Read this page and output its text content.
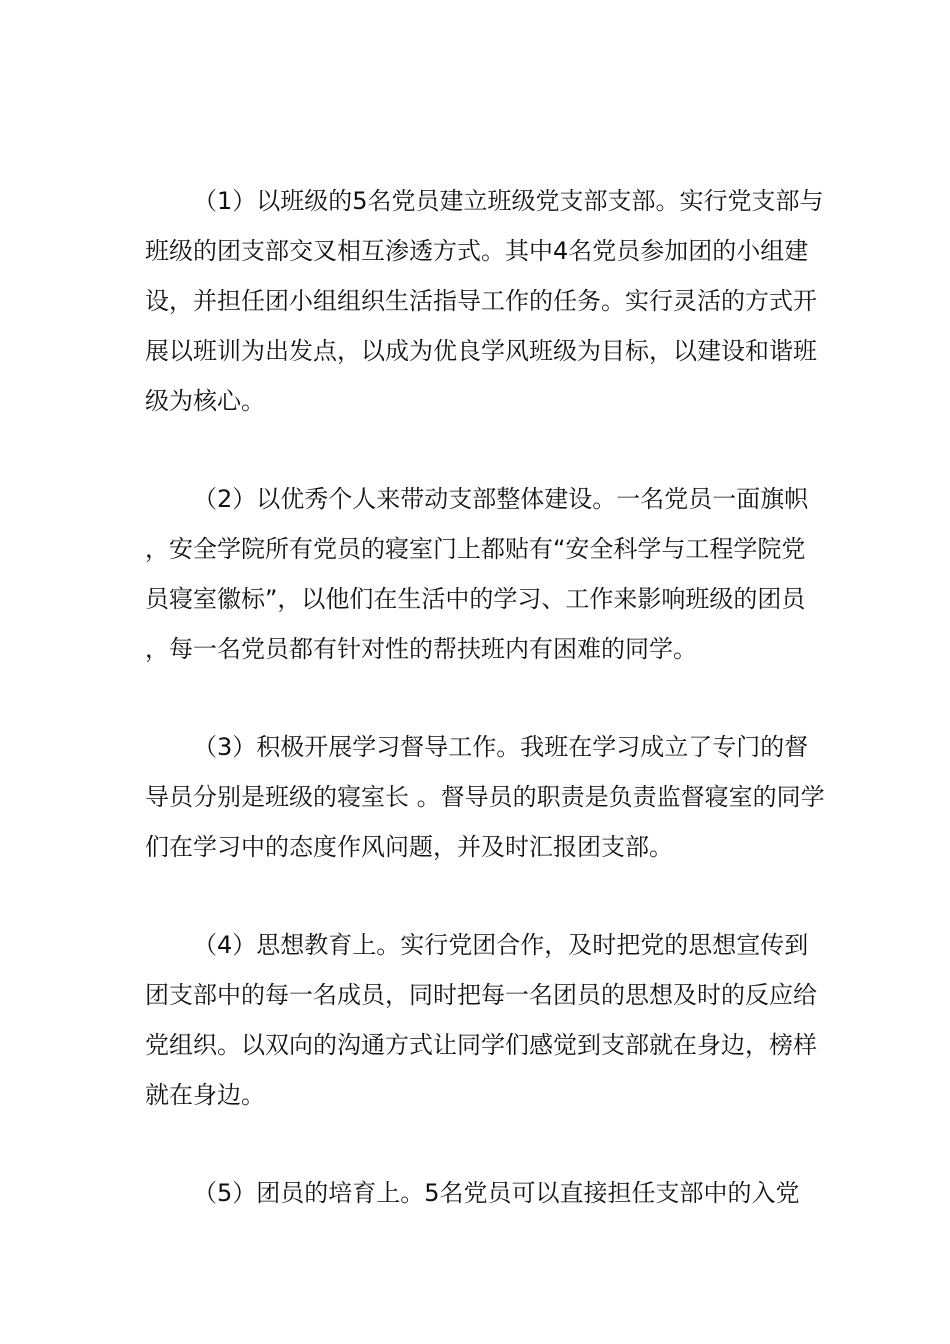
（1）以班级的5名党员建立班级党支部支部。实行党支部与班级的团支部交叉相互渗透方式。其中4名党员参加团的小组建设，并担任团小组组织生活指导工作的任务。实行灵活的方式开展以班训为出发点，以成为优良学风班级为目标，以建设和谐班级为核心。

（2）以优秀个人来带动支部整体建设。一名党员一面旗帜，安全学院所有党员的寝室门上都贴有“安全科学与工程学院党员寝室徽标”，以他们在生活中的学习、工作来影响班级的团员，每一名党员都有针对性的帮扶班内有困难的同学。

（3）积极开展学习督导工作。我班在学习成立了专门的督导员分别是班级的寝室长 。督导员的职责是负责监督寝室的同学们在学习中的态度作风问题，并及时汇报团支部。

（4）思想教育上。实行党团合作，及时把党的思想宣传到团支部中的每一名成员，同时把每一名团员的思想及时的反应给党组织。以双向的沟通方式让同学们感觉到支部就在身边，榜样就在身边。

（5）团员的培育上。5名党员可以直接担任支部中的入党
